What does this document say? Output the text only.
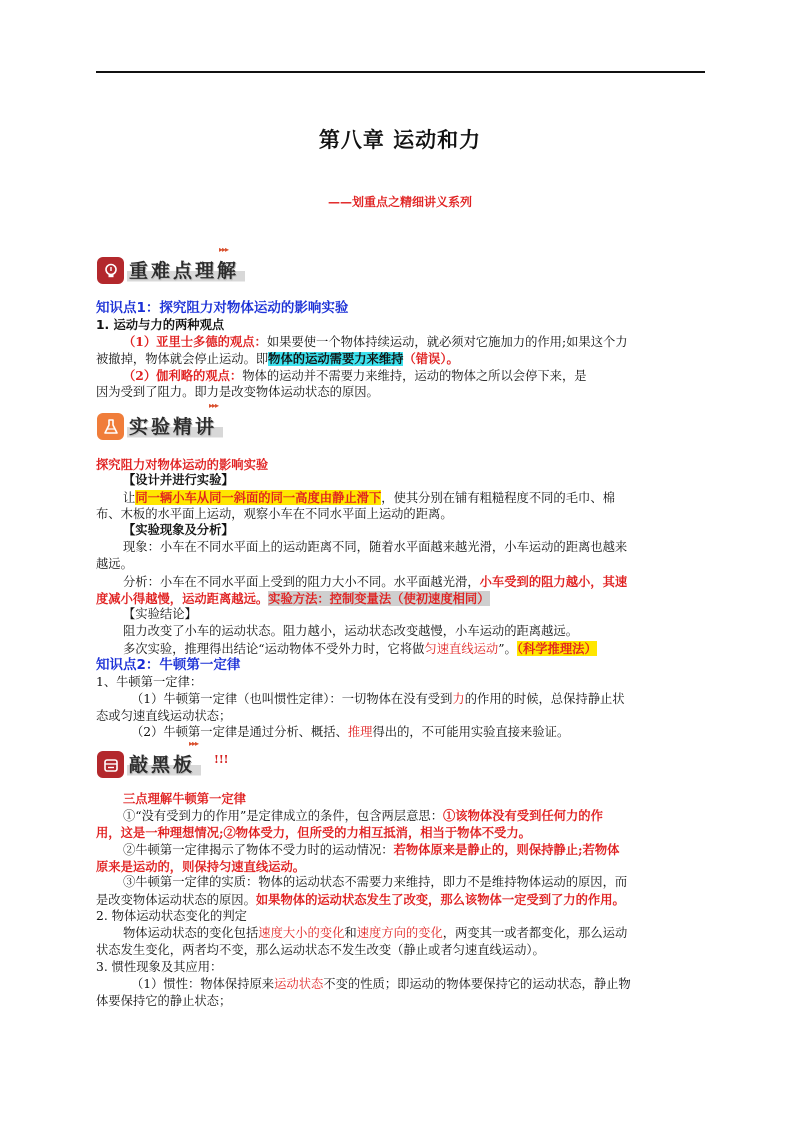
第八章 运动和力
——划重点之精细讲义系列
重难点理解
▸▸▸
知识点1：探究阻力对物体运动的影响实验
1. 运动与力的两种观点
（1）亚里士多德的观点：如果要使一个物体持续运动，就必须对它施加力的作用;如果这个力
被撤掉，物体就会停止运动。即物体的运动需要力来维持（错误）。
（2）伽利略的观点：物体的运动并不需要力来维持，运动的物体之所以会停下来，是
因为受到了阻力。即力是改变物体运动状态的原因。
实验精讲
▸▸▸
探究阻力对物体运动的影响实验
【设计并进行实验】
让同一辆小车从同一斜面的同一高度由静止滑下，使其分别在铺有粗糙程度不同的毛巾、棉
布、木板的水平面上运动，观察小车在不同水平面上运动的距离。
【实验现象及分析】
现象：小车在不同水平面上的运动距离不同，随着水平面越来越光滑，小车运动的距离也越来
越远。
分析：小车在不同水平面上受到的阻力大小不同。水平面越光滑，小车受到的阻力越小，其速
度减小得越慢，运动距离越远。实验方法：控制变量法（使初速度相同）
【实验结论】
阻力改变了小车的运动状态。阻力越小，运动状态改变越慢，小车运动的距离越远。
多次实验，推理得出结论“运动物体不受外力时，它将做匀速直线运动”。（科学推理法）
知识点2：牛顿第一定律
1、牛顿第一定律：
（1）牛顿第一定律（也叫惯性定律）：一切物体在没有受到力的作用的时候，总保持静止状
态或匀速直线运动状态；
（2）牛顿第一定律是通过分析、概括、推理得出的，不可能用实验直接来验证。
敲黑板
▸▸▸
!!!
三点理解牛顿第一定律
①“没有受到力的作用”是定律成立的条件，包含两层意思：①该物体没有受到任何力的作
用，这是一种理想情况;②物体受力，但所受的力相互抵消，相当于物体不受力。
②牛顿第一定律揭示了物体不受力时的运动情况：若物体原来是静止的，则保持静止;若物体
原来是运动的，则保持匀速直线运动。
③牛顿第一定律的实质：物体的运动状态不需要力来维持，即力不是维持物体运动的原因，而
是改变物体运动状态的原因。如果物体的运动状态发生了改变，那么该物体一定受到了力的作用。
2. 物体运动状态变化的判定
物体运动状态的变化包括速度大小的变化和速度方向的变化，两变其一或者都变化，那么运动
状态发生变化，两者均不变，那么运动状态不发生改变（静止或者匀速直线运动）。
3. 惯性现象及其应用：
（1）惯性：物体保持原来运动状态不变的性质；即运动的物体要保持它的运动状态，静止物
体要保持它的静止状态；
